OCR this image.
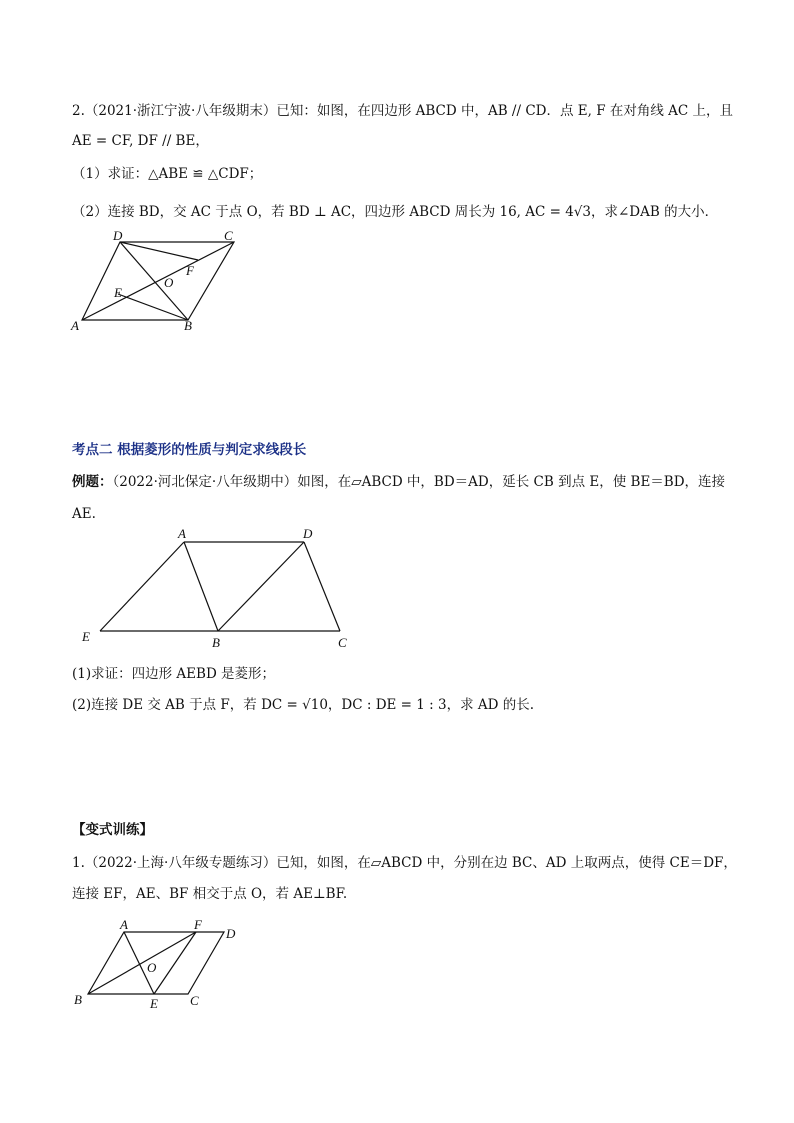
2.（2021·浙江宁波·八年级期末）已知：如图，在四边形 ABCD 中，AB // CD．点 E, F 在对角线 AC 上，且
AE = CF, DF // BE，
（1）求证：△ABE ≌ △CDF；
（2）连接 BD，交 AC 于点 O，若 BD ⊥ AC，四边形 ABCD 周长为 16, AC = 4√3，求∠DAB 的大小．
D	C
F
O
E
A	B
考点二 根据菱形的性质与判定求线段长
例题：（2022·河北保定·八年级期中）如图，在▱ABCD 中，BD＝AD，延长 CB 到点 E，使 BE＝BD，连接
AE.
A	D
E	B	C
(1)求证：四边形 AEBD 是菱形；
(2)连接 DE 交 AB 于点 F，若 DC = √10，DC : DE = 1 : 3，求 AD 的长.
【变式训练】
1.（2022·上海·八年级专题练习）已知，如图，在▱ABCD 中，分别在边 BC、AD 上取两点，使得 CE＝DF，
连接 EF，AE、BF 相交于点 O，若 AE⊥BF.
A	F
D
O
B	E C
